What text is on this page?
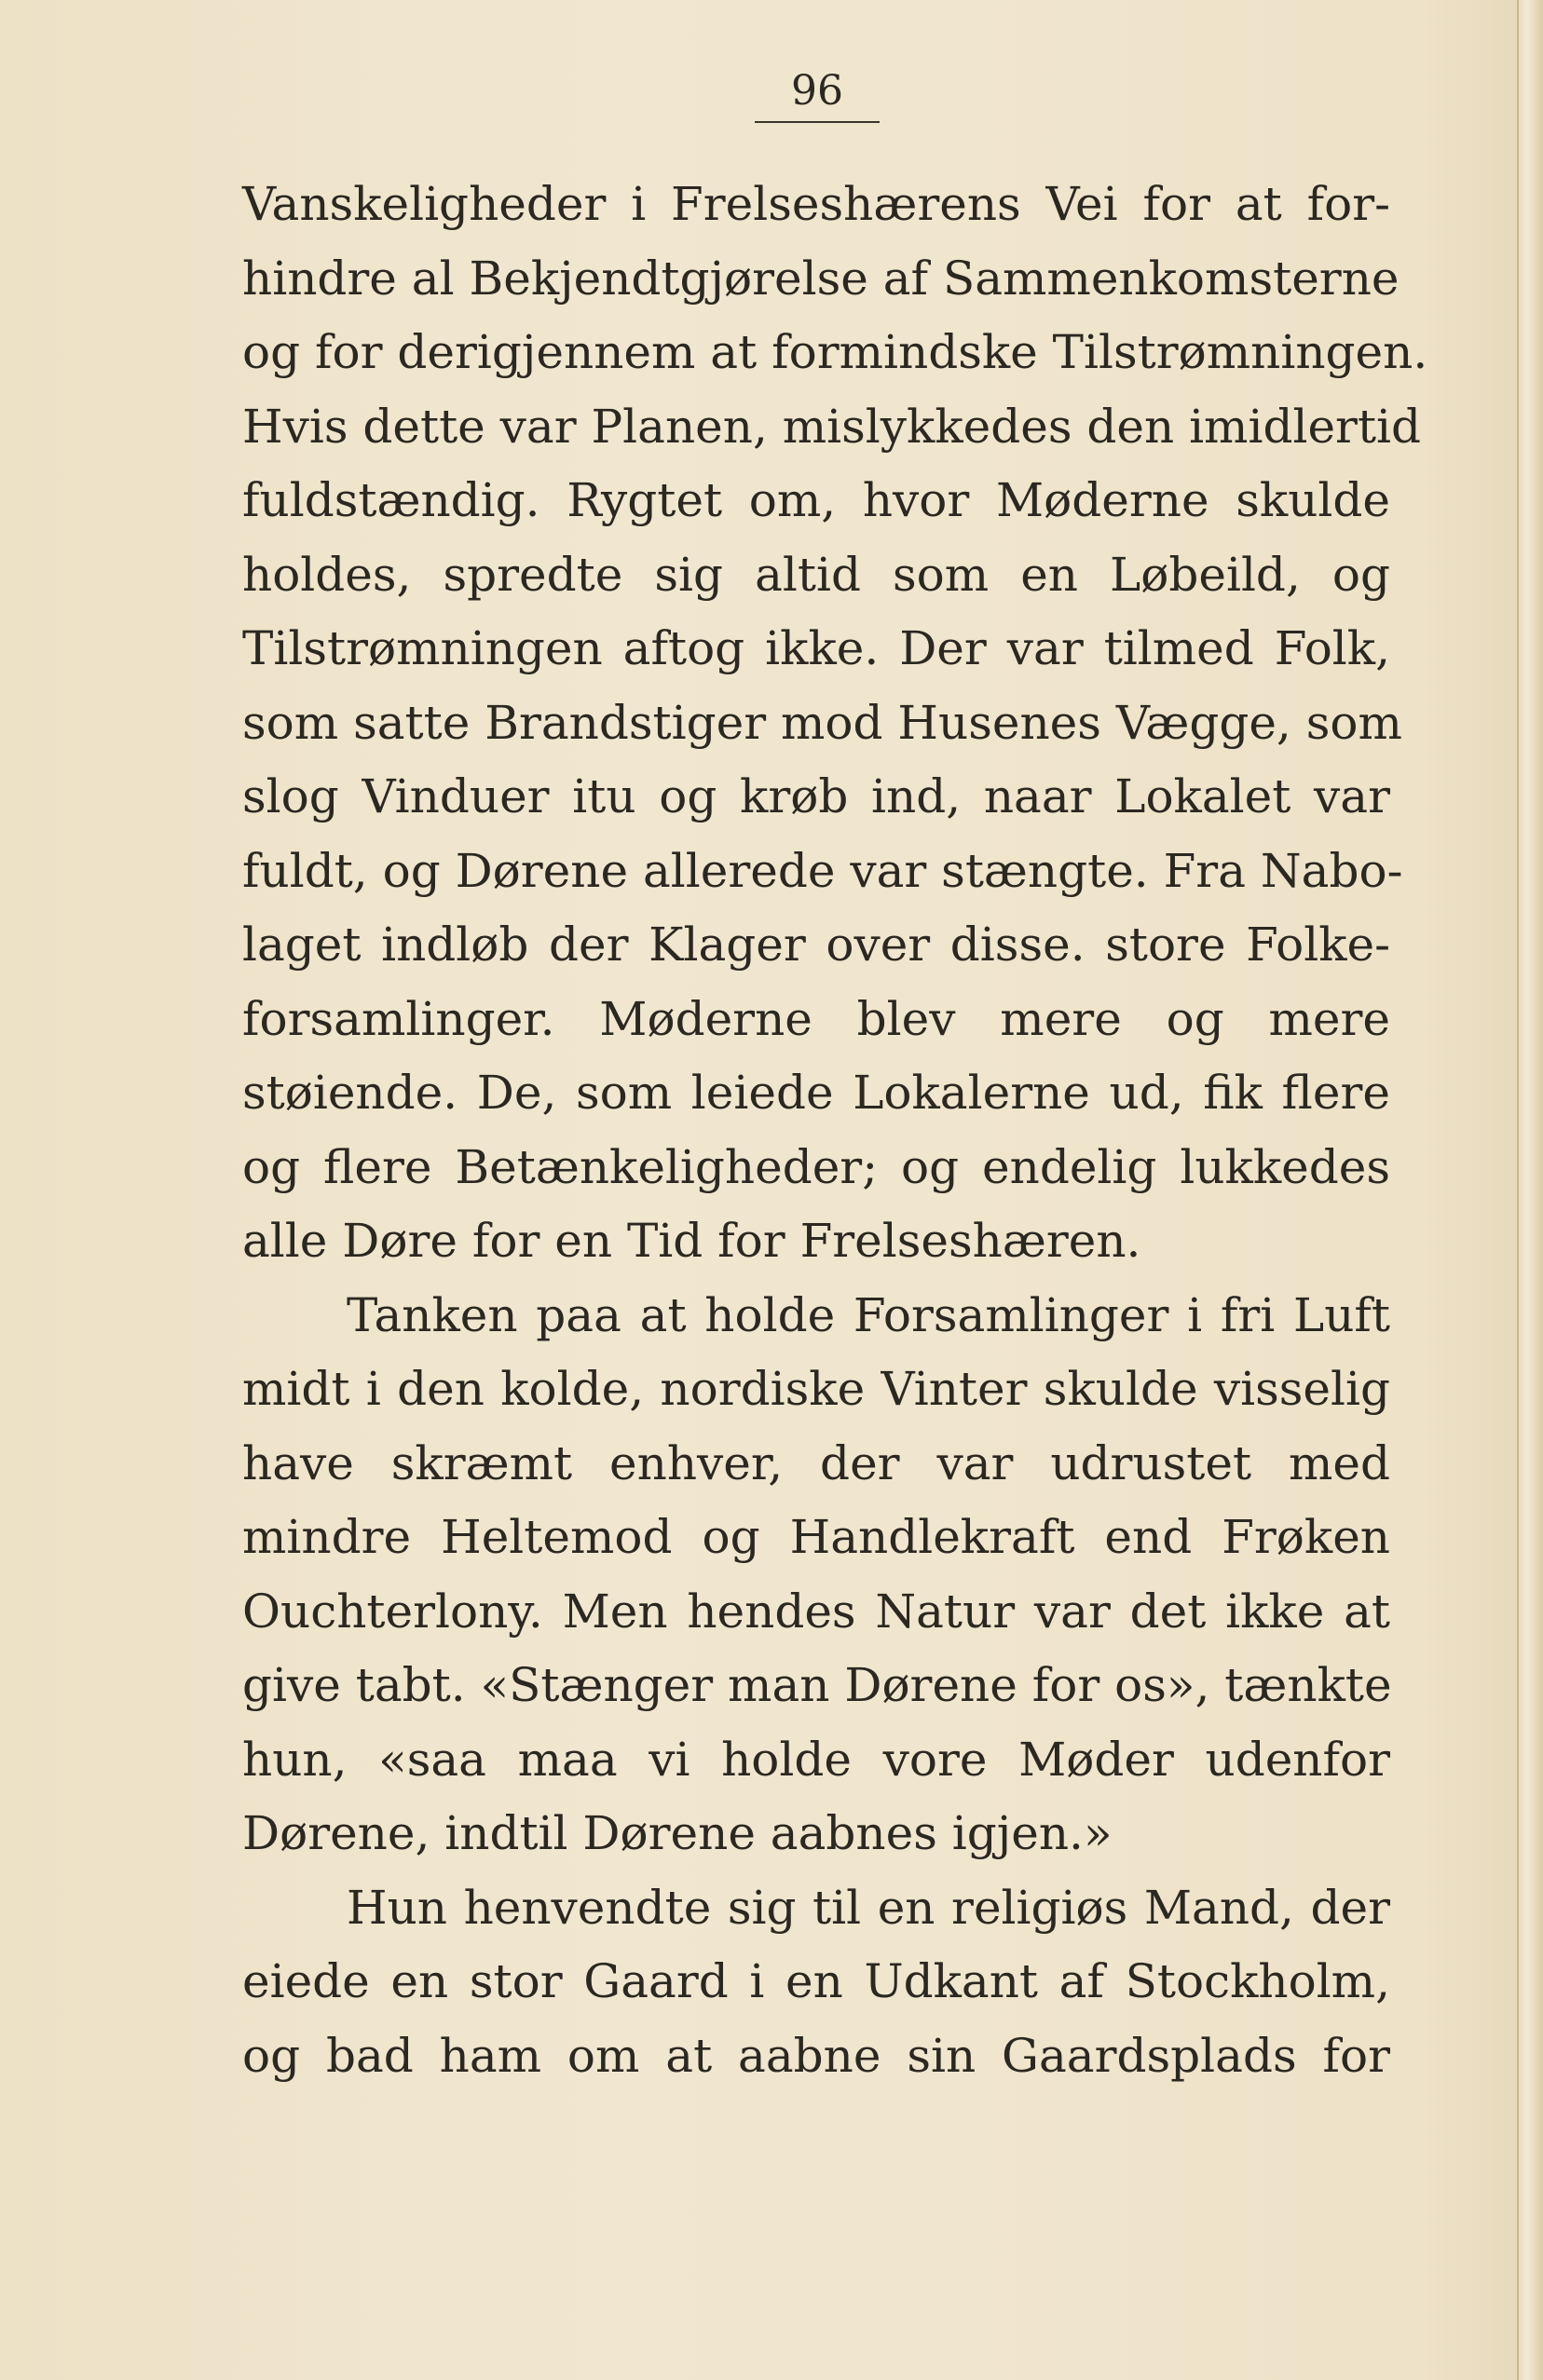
96
Vanskeligheder i Frelseshærens Vei for at for-
hindre al Bekjendtgjørelse af Sammenkomsterne
og for derigjennem at formindske Tilstrømningen.
Hvis dette var Planen, mislykkedes den imidlertid
fuldstændig. Rygtet om, hvor Møderne skulde
holdes, spredte sig altid som en Løbeild, og
Tilstrømningen aftog ikke. Der var tilmed Folk,
som satte Brandstiger mod Husenes Vægge, som
slog Vinduer itu og krøb ind, naar Lokalet var
fuldt, og Dørene allerede var stængte. Fra Nabo-
laget indløb der Klager over disse. store Folke-
forsamlinger. Møderne blev mere og mere
støiende. De, som leiede Lokalerne ud, fik flere
og flere Betænkeligheder; og endelig lukkedes
alle Døre for en Tid for Frelseshæren.
Tanken paa at holde Forsamlinger i fri Luft
midt i den kolde, nordiske Vinter skulde visselig
have skræmt enhver, der var udrustet med
mindre Heltemod og Handlekraft end Frøken
Ouchterlony. Men hendes Natur var det ikke at
give tabt. «Stænger man Dørene for os», tænkte
hun, «saa maa vi holde vore Møder udenfor
Dørene, indtil Dørene aabnes igjen.»
Hun henvendte sig til en religiøs Mand, der
eiede en stor Gaard i en Udkant af Stockholm,
og bad ham om at aabne sin Gaardsplads for
